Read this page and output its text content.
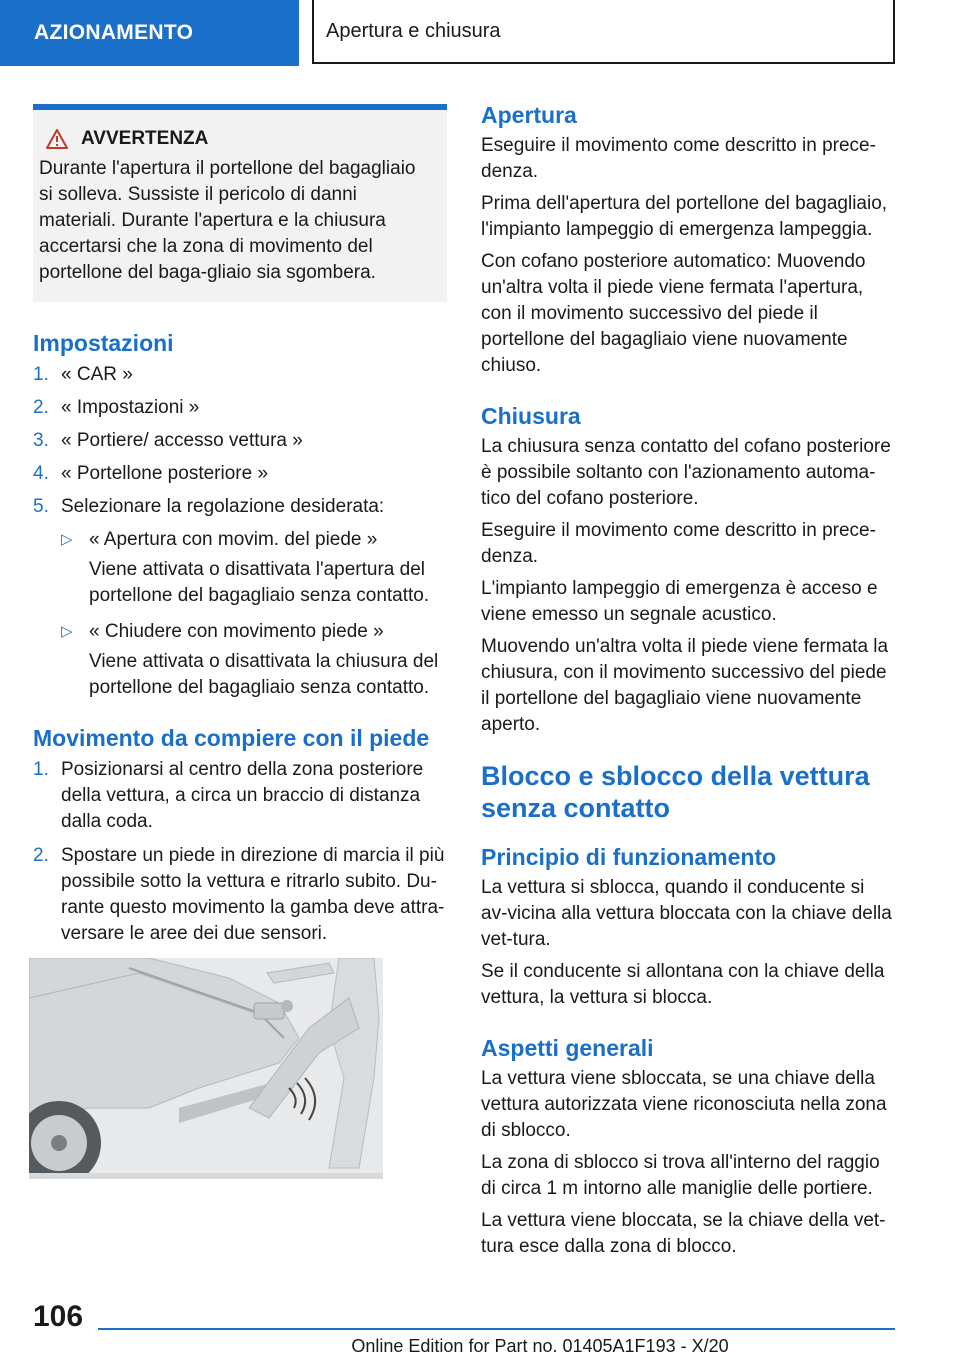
AZIONAMENTO	Apertura e chiusura
AVVERTENZA

Durante l'apertura il portellone del bagagliaio si solleva. Sussiste il pericolo di danni materiali. Durante l'apertura e la chiusura accertarsi che la zona di movimento del portellone del baga-gliaio sia sgombera.

Impostazioni
1. « CAR »
2. « Impostazioni »
3. « Portiere/ accesso vettura »
4. « Portellone posteriore »
5. Selezionare la regolazione desiderata:
▷ « Apertura con movim. del piede »
Viene attivata o disattivata l'apertura del portellone del bagagliaio senza contatto.
▷ « Chiudere con movimento piede »
Viene attivata o disattivata la chiusura del portellone del bagagliaio senza contatto.
Movimento da compiere con il piede
1. Posizionarsi al centro della zona posteriore della vettura, a circa un braccio di distanza dalla coda.
2. Spostare un piede in direzione di marcia il più possibile sotto la vettura e ritrarlo subito. Du-rante questo movimento la gamba deve attra-versare le aree dei due sensori.
Apertura

Eseguire il movimento come descritto in prece-denza.

Prima dell'apertura del portellone del bagagliaio, l'impianto lampeggio di emergenza lampeggia.

Con cofano posteriore automatico: Muovendo un'altra volta il piede viene fermata l'apertura, con il movimento successivo del piede il portellone del bagagliaio viene nuovamente chiuso.

Chiusura

La chiusura senza contatto del cofano posteriore è possibile soltanto con l'azionamento automa-tico del cofano posteriore.

Eseguire il movimento come descritto in prece-denza.

L'impianto lampeggio di emergenza è acceso e viene emesso un segnale acustico.

Muovendo un'altra volta il piede viene fermata la chiusura, con il movimento successivo del piede il portellone del bagagliaio viene nuovamente aperto.

Blocco e sblocco della vettura senza contatto
Principio di funzionamento

La vettura si sblocca, quando il conducente si av-vicina alla vettura bloccata con la chiave della vet-tura.

Se il conducente si allontana con la chiave della vettura, la vettura si blocca.

Aspetti generali

La vettura viene sbloccata, se una chiave della vettura autorizzata viene riconosciuta nella zona di sblocco.

La zona di sblocco si trova all'interno del raggio di circa 1 m intorno alle maniglie delle portiere.

La vettura viene bloccata, se la chiave della vet-tura esce dalla zona di blocco.

106
Online Edition for Part no. 01405A1F193 - X/20
